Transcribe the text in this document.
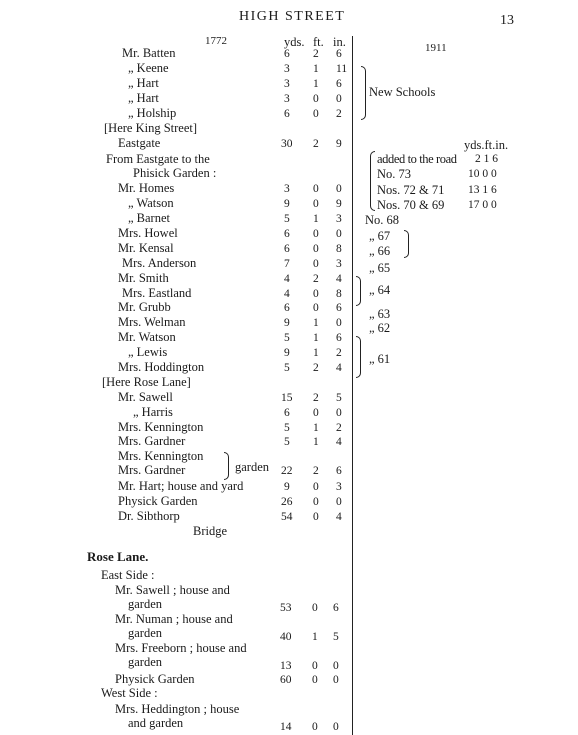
HIGH STREET	13
1772	yds. ft. in.	1911
Mr. Batten	6 2 6
„ Keene	3 1 11
„ Hart	3 1 6
„ Hart	3 0 0
„ Holship	6 0 2
[Here King Street]
Eastgate	30 2 9
From Eastgate to the
Phisick Garden :
Mr. Homes	3 0 0
„ Watson	9 0 9
„ Barnet	5 1 3
Mrs. Howel	6 0 0
Mr. Kensal	6 0 8
Mrs. Anderson	7 0 3
Mr. Smith	4 2 4
Mrs. Eastland	4 0 8
Mr. Grubb	6 0 6
Mrs. Welman	9 1 0
Mr. Watson	5 1 6
„ Lewis	9 1 2
Mrs. Hoddington	5 2 4
[Here Rose Lane]
Mr. Sawell	15 2 5
„ Harris	6 0 0
Mrs. Kennington	5 1 2
Mrs. Gardner	5 1 4
Mrs. Kennington
Mrs. Gardner	22 2 6
Mr. Hart; house and yard	9 0 3
Physick Garden	26 0 0
Dr. Sibthorp	54 0 4
Bridge
garden
New Schools
yds.ft.in.
added to the road 2 1 6
No. 73	10 0 0
Nos. 72 & 71 13 1 6
Nos. 70 & 69 17 0 0
No. 68
„ 67
„ 66
„ 65
„ 64
„ 63
„ 62
„ 61
Rose Lane.
East Side :
Mr. Sawell ; house and
garden	53 0 6
Mr. Numan ; house and
garden	40 1 5
Mrs. Freeborn ; house and
garden	13 0 0
Physick Garden	60 0 0
West Side :
Mrs. Heddington ; house
and garden	14 0 0
